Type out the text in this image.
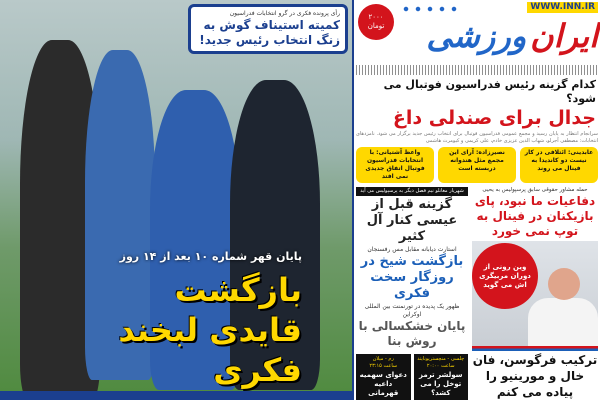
رأی پرونده فکری در گرو انتخابات فدراسیون
کمیته استیناف گوش به زنگ انتخاب رئیس جدید!
پایان قهر شماره ۱۰ بعد از ۱۴ روز
بازگشت قایدی لبخند فکری
۲۰۰۰ تومان
WWW.INN.IR
ایران
ورزشی
کدام گزینه رئیس فدراسیون فوتبال می شود؟
جدال برای صندلی داغ
سرانجام انتظار به پایان رسید و مجمع عمومی فدراسیون فوتبال برای انتخاب رئیس جدید برگزار می شود. نامزدهای انتخابات: مصطفی آجرلو، شهاب الدین عزیزی خادم، علی کریمی و کیومرث هاشمی
عابدینی: ائتلافی در کار نیست دو کاندیدا به فینال می روند
نصیرزاده: آرای این مجمع مثل هندوانه دربسته است
واعظ آشتیانی: با انتخابات فدراسیون فوتبال اتفاق جدیدی نمی افتد
حمله مشاور حقوقی سابق پرسپولیس به یحیی
دفاعیات ما نبود، پای بازیکنان در فینال به توپ نمی خورد
وین رونی از دوران مربیگری اش می گوید
ترکیب فرگوسن، فان خال و مورینیو را پیاده می کنم
شهریار مغانلو نیم فصل دیگر به پرسپولیس می آید
گزینه قبل از عیسی کنار آل کثیر
استارت دیابانه مقابل مس رفسنجان
بازگشت شیخ در روزگار سخت فکری
ظهور یک پدیده در تورنمنت بین المللی اوکراین
پایان خشکسالی با روش بنا
چلسی - منچستریونایتد
ساعت ۲۰:۰۰
سولشر ترمز توخل را می کشد؟
رم - میلان
ساعت ۲۳:۱۵
دعوای سهمیه داعیه قهرمانی
